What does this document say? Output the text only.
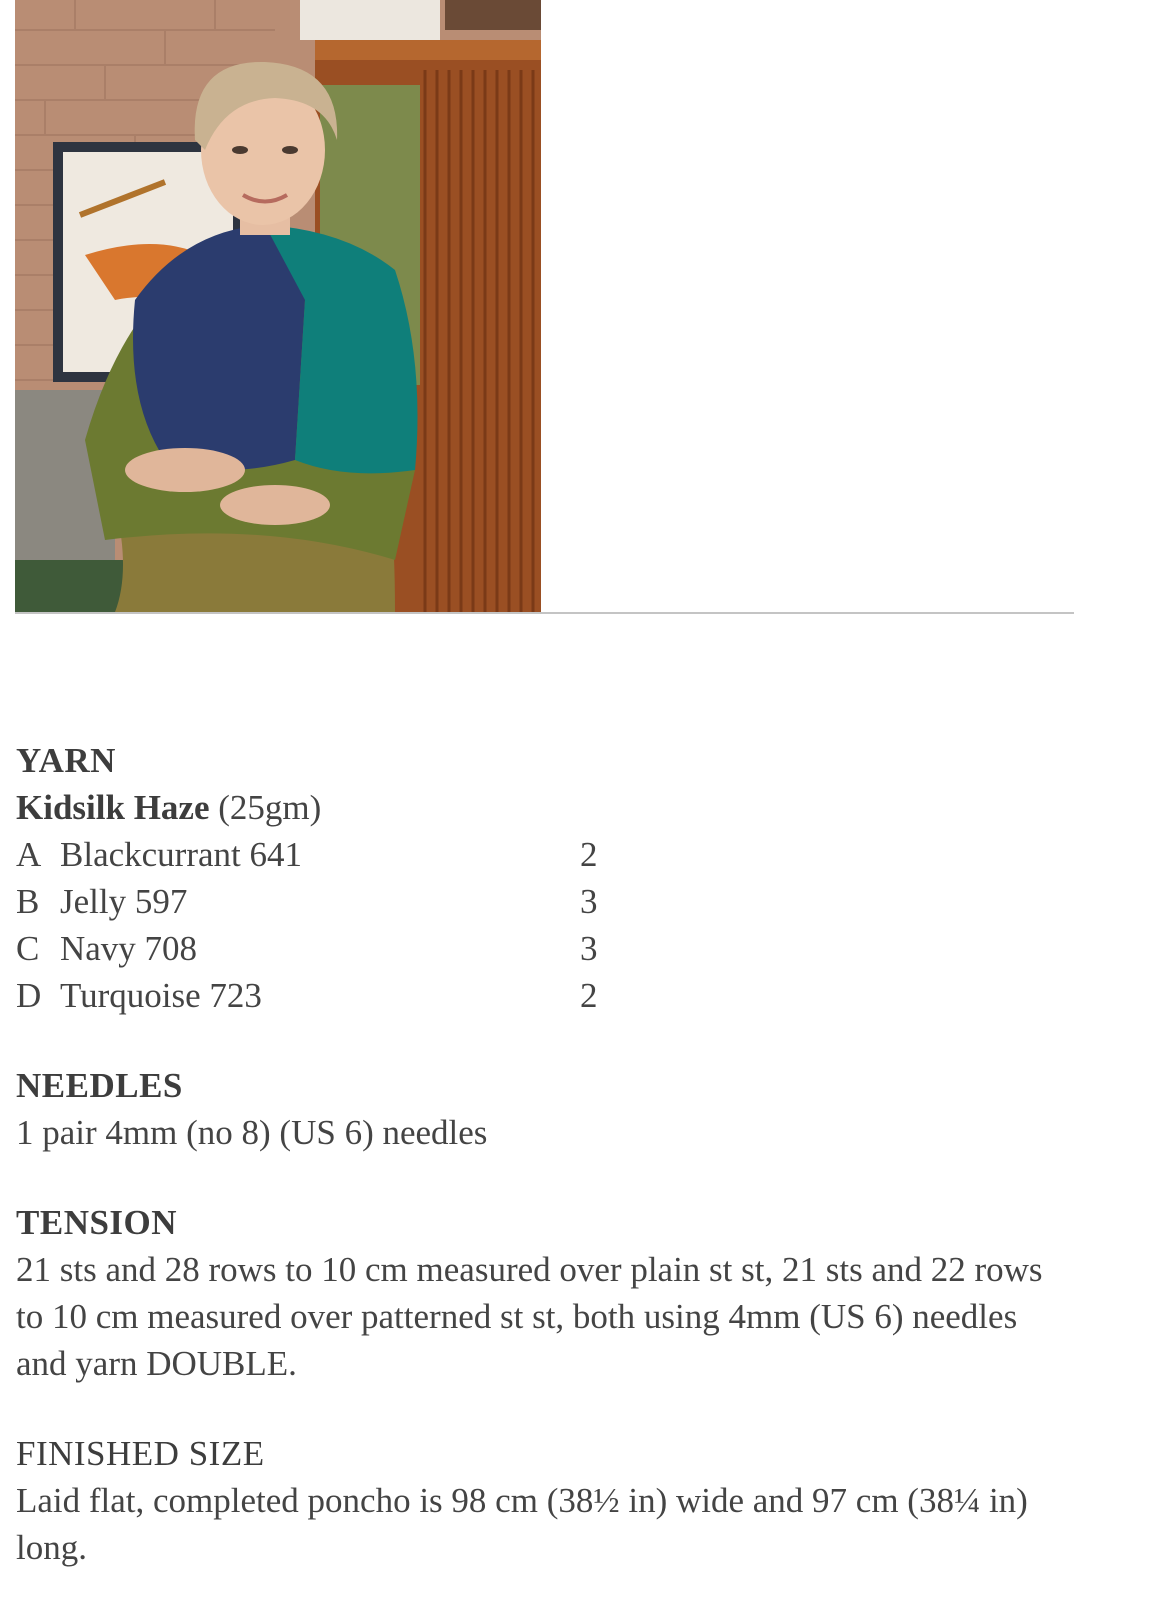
YARN

Kidsilk Haze (25gm)

A Blackcurrant 641	2
B Jelly 597	3
C Navy 708	3
D Turquoise 723	2

NEEDLES

1 pair 4mm (no 8) (US 6) needles

TENSION

21 sts and 28 rows to 10 cm measured over plain st st, 21 sts and 22 rows

to 10 cm measured over patterned st st, both using 4mm (US 6) needles

and yarn DOUBLE.

FINISHED SIZE

Laid flat, completed poncho is 98 cm (38½ in) wide and 97 cm (38¼ in)

long.
